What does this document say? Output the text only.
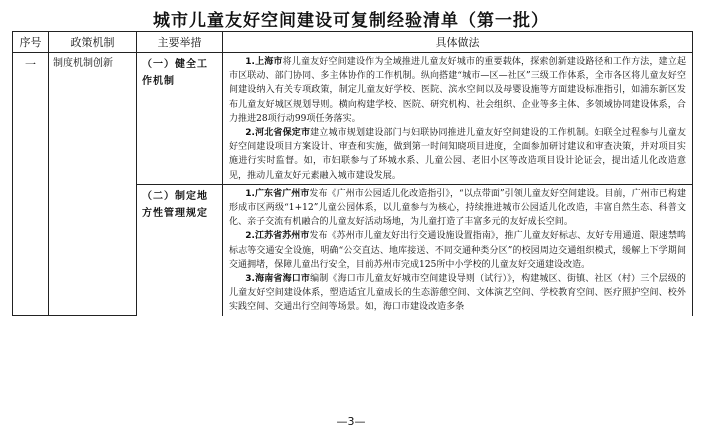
城市儿童友好空间建设可复制经验清单（第一批）
序号	政策机制	主要举措	具体做法
一	制度机制创新	（一）健全工作机制	1.上海市将儿童友好空间建设作为全域推进儿童友好城市的重要载体，探索创新建设路径和工作方法，建立起市区联动、部门协同、多主体协作的工作机制。纵向搭建“城市—区—社区”三级工作体系，全市各区将儿童友好空间建设纳入有关专项政策，制定儿童友好学校、医院、滨水空间以及母婴设施等方面建设标准指引，如浦东新区发布儿童友好城区规划导则。横向构建学校、医院、研究机构、社会组织、企业等多主体、多领域协同建设体系，合力推进28项行动99项任务落实。

2.河北省保定市建立城市规划建设部门与妇联协同推进儿童友好空间建设的工作机制。妇联全过程参与儿童友好空间建设项目方案设计、审查和实施，做到第一时间知晓项目进度，全面参加研讨建议和审查决策，并对项目实施进行实时监督。如，市妇联参与了环城水系、儿童公园、老旧小区等改造项目设计论证会，提出适儿化改造意见，推动儿童友好元素融入城市建设发展。

		（二）制定地方性管理规定	1.广东省广州市发布《广州市公园适儿化改造指引》，“以点带面”引领儿童友好空间建设。目前，广州市已构建形成市区两级“1+12”儿童公园体系，以儿童参与为核心，持续推进城市公园适儿化改造，丰富自然生态、科普文化、亲子交流有机融合的儿童友好活动场地，为儿童打造了丰富多元的友好成长空间。

2.江苏省苏州市发布《苏州市儿童友好出行交通设施设置指南》，推广儿童友好标志、友好专用通道、限速禁鸣标志等交通安全设施，明确“公交直达、地库接送、不同交通种类分区”的校园周边交通组织模式，缓解上下学期间交通拥堵，保障儿童出行安全，目前苏州市完成125所中小学校的儿童友好交通建设改造。

3.海南省海口市编制《海口市儿童友好城市空间建设导则（试行）》，构建城区、街镇、社区（村）三个层级的儿童友好空间建设体系，塑造适宜儿童成长的生态游憩空间、文体演艺空间、学校教育空间、医疗照护空间、校外实践空间、交通出行空间等场景。如，海口市建设改造多条

—3—
